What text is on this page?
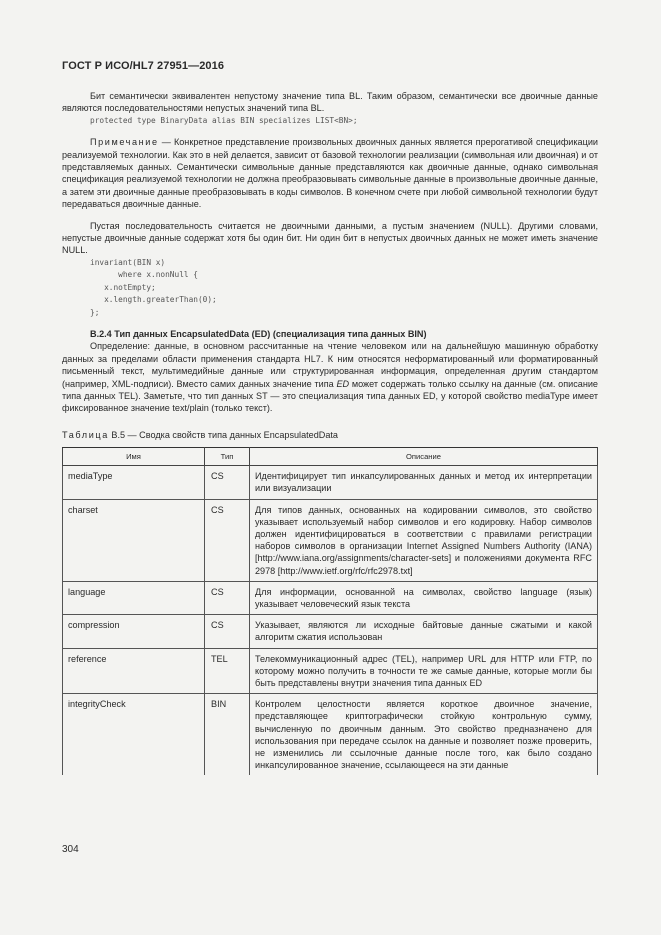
ГОСТ Р ИСО/HL7 27951—2016

Бит семантически эквивалентен непустому значение типа BL. Таким образом, семантически все двоичные данные являются последовательностями непустых значений типа BL.

protected type BinaryData alias BIN specializes LIST<BN>;

Примечание — Конкретное представление произвольных двоичных данных является прерогативой спецификации реализуемой технологии. Как это в ней делается, зависит от базовой технологии реализации (символьная или двоичная) и от представляемых данных. Семантически символьные данные представляются как двоичные данные, однако символьная спецификация реализуемой технологии не должна преобразовывать символьные данные в произвольные двоичные данные, а затем эти двоичные данные преобразовывать в коды символов. В конечном счете при любой символьной технологии будут передаваться двоичные данные.

Пустая последовательность считается не двоичными данными, а пустым значением (NULL). Другими словами, непустые двоичные данные содержат хотя бы один бит. Ни один бит в непустых двоичных данных не может иметь значение NULL.

invariant(BIN x)
where x.nonNull {
x.notEmpty;
x.length.greaterThan(0);
};

В.2.4 Тип данных EncapsulatedData (ED) (специализация типа данных BIN)

Определение: данные, в основном рассчитанные на чтение человеком или на дальнейшую машинную обработку данных за пределами области применения стандарта HL7. К ним относятся неформатированный или форматированный письменный текст, мультимедийные данные или структурированная информация, определенная другим стандартом (например, XML-подписи). Вместо самих данных значение типа ED может содержать только ссылку на данные (см. описание типа данных TEL). Заметьте, что тип данных ST — это специализация типа данных ED, у которой свойство mediaType имеет фиксированное значение text/plain (только текст).

Таблица В.5 — Сводка свойств типа данных EncapsulatedData

Имя	Тип	Описание
mediaType	CS	Идентифицирует тип инкапсулированных данных и метод их интерпретации или визуализации
charset	CS	Для типов данных, основанных на кодировании символов, это свойство указывает используемый набор символов и его кодировку. Набор символов должен идентифицироваться в соответствии с правилами регистрации наборов символов в организации Internet Assigned Numbers Authority (IANA) [http://www.iana.org/assignments/character-sets] и положениями документа RFC 2978 [http://www.ietf.org/rfc/rfc2978.txt]
language	CS	Для информации, основанной на символах, свойство language (язык) указывает человеческий язык текста
compression	CS	Указывает, являются ли исходные байтовые данные сжатыми и какой алгоритм сжатия использован
reference	TEL	Телекоммуникационный адрес (TEL), например URL для HTTP или FTP, по которому можно получить в точности те же самые данные, которые могли бы быть представлены внутри значения типа данных ED
integrityCheck	BIN	Контролем целостности является короткое двоичное значение, представляющее криптографически стойкую контрольную сумму, вычисленную по двоичным данным. Это свойство предназначено для использования при передаче ссылок на данные и позволяет позже проверить, не изменились ли ссылочные данные после того, как было создано инкапсулированное значение, ссылающееся на эти данные
304
